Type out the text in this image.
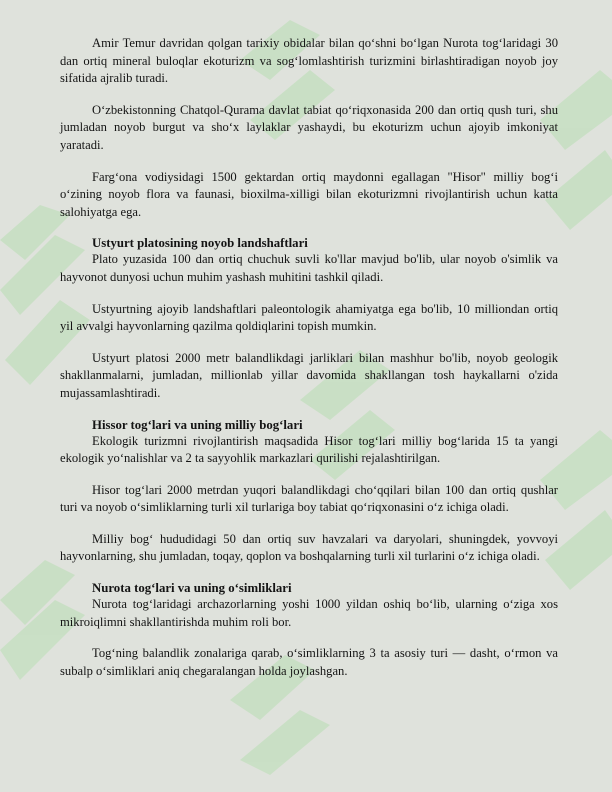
Amir Temur davridan qolgan tarixiy obidalar bilan qo‘shni bo‘lgan Nurota tog‘laridagi 30 dan ortiq mineral buloqlar ekoturizm va sog‘lomlashtirish turizmini birlashtiradigan noyob joy sifatida ajralib turadi.

O‘zbekistonning Chatqol-Qurama davlat tabiat qo‘riqxonasida 200 dan ortiq qush turi, shu jumladan noyob burgut va sho‘x laylaklar yashaydi, bu ekoturizm uchun ajoyib imkoniyat yaratadi.

Farg‘ona vodiysidagi 1500 gektardan ortiq maydonni egallagan "Hisor" milliy bog‘i o‘zining noyob flora va faunasi, bioxilma-xilligi bilan ekoturizmni rivojlantirish uchun katta salohiyatga ega.

Ustyurt platosining noyob landshaftlari

Plato yuzasida 100 dan ortiq chuchuk suvli ko'llar mavjud bo'lib, ular noyob o'simlik va hayvonot dunyosi uchun muhim yashash muhitini tashkil qiladi.

Ustyurtning ajoyib landshaftlari paleontologik ahamiyatga ega bo'lib, 10 milliondan ortiq yil avvalgi hayvonlarning qazilma qoldiqlarini topish mumkin.

Ustyurt platosi 2000 metr balandlikdagi jarliklari bilan mashhur bo'lib, noyob geologik shakllanmalarni, jumladan, millionlab yillar davomida shakllangan tosh haykallarni o'zida mujassamlashtiradi.

Hissor tog‘lari va uning milliy bog‘lari

Ekologik turizmni rivojlantirish maqsadida Hisor tog‘lari milliy bog‘larida 15 ta yangi ekologik yo‘nalishlar va 2 ta sayyohlik markazlari qurilishi rejalashtirilgan.

Hisor tog‘lari 2000 metrdan yuqori balandlikdagi cho‘qqilari bilan 100 dan ortiq qushlar turi va noyob o‘simliklarning turli xil turlariga boy tabiat qo‘riqxonasini o‘z ichiga oladi.

Milliy bog‘ hududidagi 50 dan ortiq suv havzalari va daryolari, shuningdek, yovvoyi hayvonlarning, shu jumladan, toqay, qoplon va boshqalarning turli xil turlarini o‘z ichiga oladi.

Nurota tog‘lari va uning o‘simliklari

Nurota tog‘laridagi archazorlarning yoshi 1000 yildan oshiq bo‘lib, ularning o‘ziga xos mikroiqlimni shakllantirishda muhim roli bor.

Tog‘ning balandlik zonalariga qarab, o‘simliklarning 3 ta asosiy turi — dasht, o‘rmon va subalp o‘simliklari aniq chegaralangan holda joylashgan.
